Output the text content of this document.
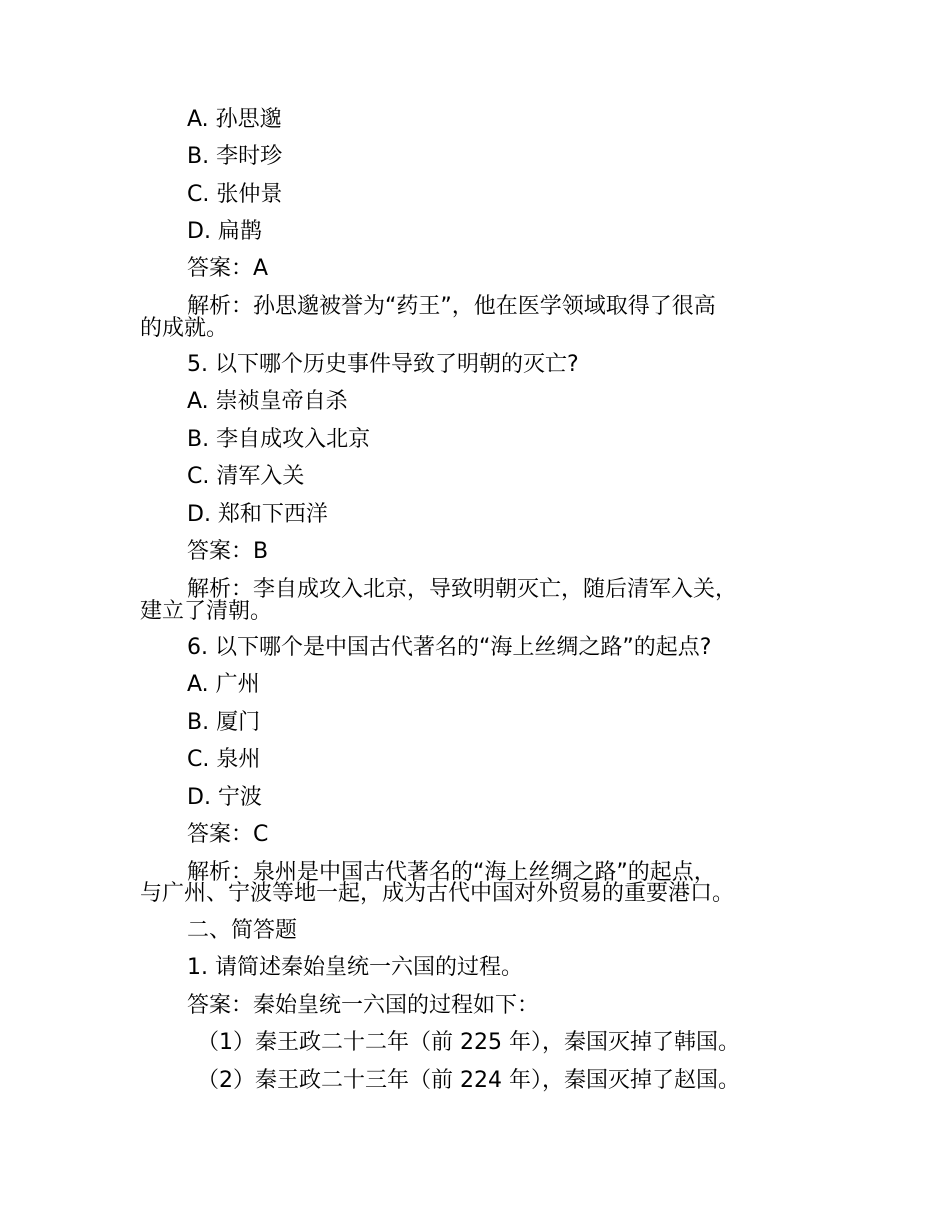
A. 孙思邈
B. 李时珍
C. 张仲景
D. 扁鹊
答案：A
解析：孙思邈被誉为“药王”，他在医学领域取得了很高
的成就。
5. 以下哪个历史事件导致了明朝的灭亡?
A. 崇祯皇帝自杀
B. 李自成攻入北京
C. 清军入关
D. 郑和下西洋
答案：B
解析：李自成攻入北京，导致明朝灭亡，随后清军入关，
建立了清朝。
6. 以下哪个是中国古代著名的“海上丝绸之路”的起点?
A. 广州
B. 厦门
C. 泉州
D. 宁波
答案：C
解析：泉州是中国古代著名的“海上丝绸之路”的起点，
与广州、宁波等地一起，成为古代中国对外贸易的重要港口。
二、简答题
1. 请简述秦始皇统一六国的过程。
答案：秦始皇统一六国的过程如下：
（1）秦王政二十二年（前 225 年），秦国灭掉了韩国。
（2）秦王政二十三年（前 224 年），秦国灭掉了赵国。
